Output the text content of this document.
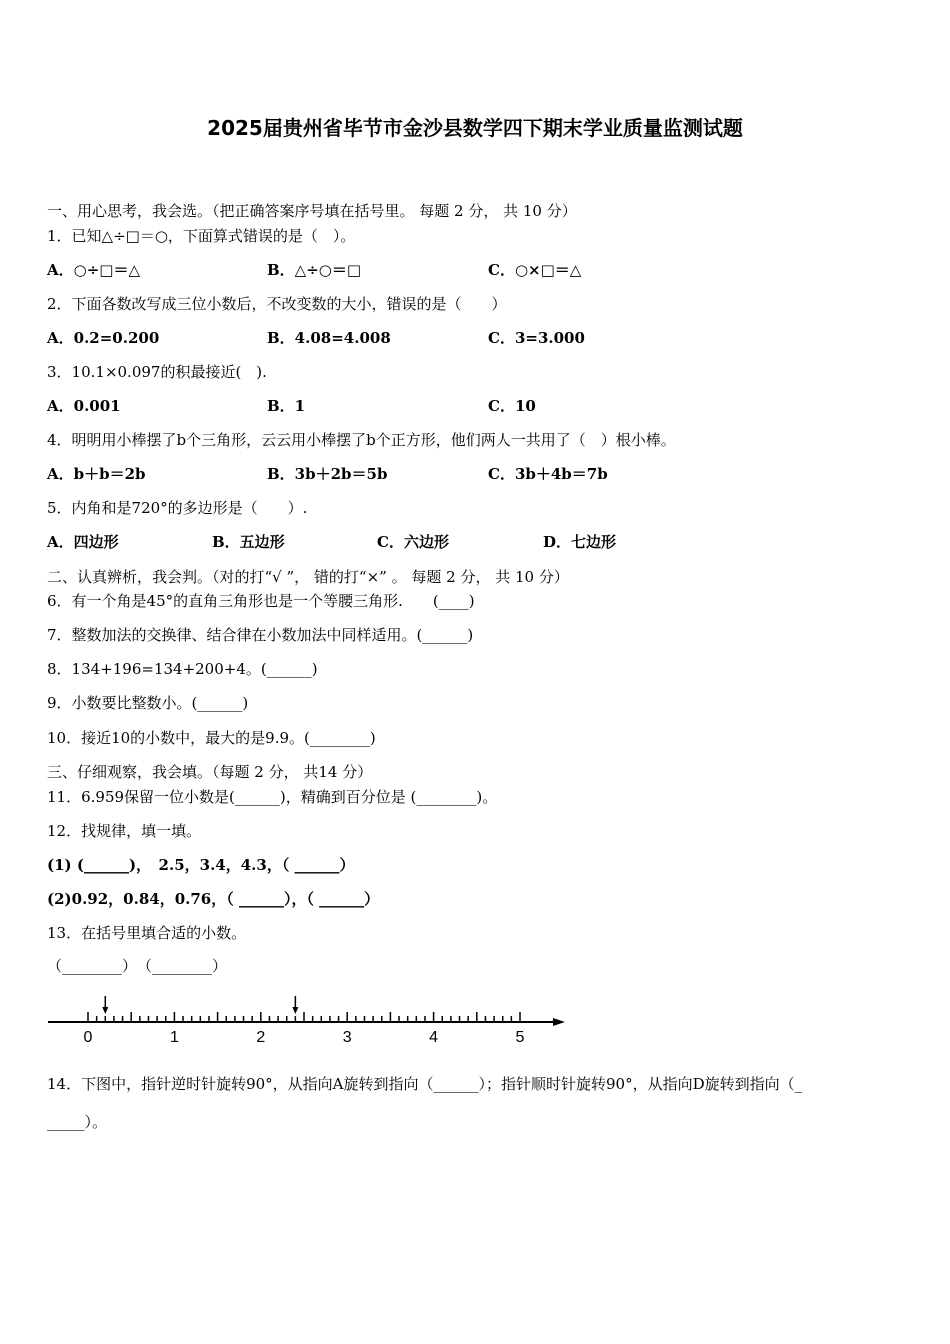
2025届贵州省毕节市金沙县数学四下期末学业质量监测试题
一、用心思考，我会选。（把正确答案序号填在括号里。 每题 2 分， 共 10 分）
1．已知△÷□＝○，下面算式错误的是（　）。
A．○÷□＝△	B．△÷○＝□	C．○×□＝△
2．下面各数改写成三位小数后，不改变数的大小，错误的是（　　）
A．0.2=0.200	B．4.08=4.008	C．3=3.000
3．10.1×0.097的积最接近(　).
A．0.001	B．1	C．10
4．明明用小棒摆了b个三角形，云云用小棒摆了b个正方形，他们两人一共用了（　）根小棒。
A．b＋b＝2b	B．3b＋2b＝5b	C．3b＋4b＝7b
5．内角和是720°的多边形是（　　）.
A．四边形	B．五边形	C．六边形	D．七边形
二、认真辨析，我会判。（对的打“√ ”， 错的打“×” 。 每题 2 分， 共 10 分）
6．有一个角是45°的直角三角形也是一个等腰三角形.　　(____)
7．整数加法的交换律、结合律在小数加法中同样适用。(______)
8．134+196=134+200+4。(______)
9．小数要比整数小。(______)
10．接近10的小数中，最大的是9.9。(________)
三、仔细观察，我会填。（每题 2 分， 共14 分）
11．6.959保留一位小数是(______)，精确到百分位是 (________)。
12．找规律，填一填。
(1) (______)，　2.5，3.4，4.3，（ ______）
(2)0.92，0.84，0.76，（ ______），（ ______）
13．在括号里填合适的小数。
（________）　（________）
0	1	2	3	4	5
14．下图中，指针逆时针旋转90°，从指向A旋转到指向（______）；指针顺时针旋转90°，从指向D旋转到指向（_
_____）。
